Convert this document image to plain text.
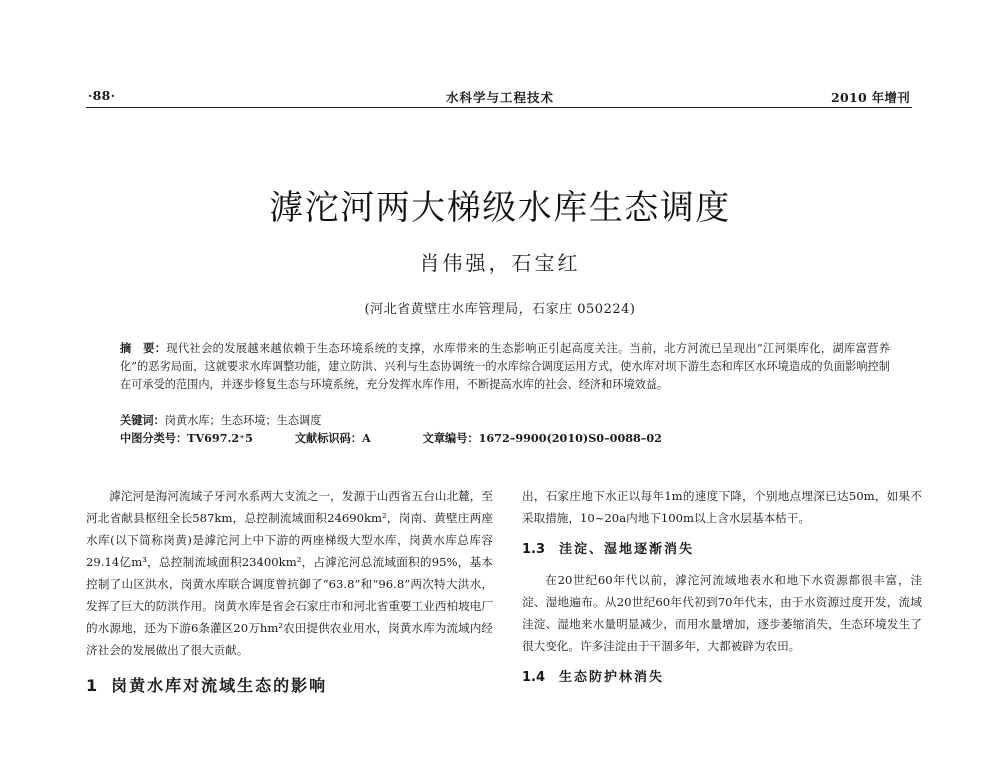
·88·	水科学与工程技术	2010 年增刊
滹沱河两大梯级水库生态调度
肖伟强，石宝红
(河北省黄壁庄水库管理局，石家庄 050224)
摘　要：现代社会的发展越来越依赖于生态环境系统的支撑，水库带来的生态影响正引起高度关注。当前，北方河流已呈现出“江河渠库化，湖库富营养化”的恶劣局面，这就要求水库调整功能，建立防洪、兴利与生态协调统一的水库综合调度运用方式，使水库对坝下游生态和库区水环境造成的负面影响控制在可承受的范围内，并逐步修复生态与环境系统，充分发挥水库作用，不断提高水库的社会、经济和环境效益。
关键词：岗黄水库；生态环境；生态调度
中图分类号：TV697.2⁺5	文献标识码：A	文章编号：1672–9900(2010)S0–0088–02

滹沱河是海河流域子牙河水系两大支流之一，发源于山西省五台山北麓，至河北省献县枢纽全长587km，总控制流域面积24690km²，岗南、黄壁庄两座水库(以下简称岗黄)是滹沱河上中下游的两座梯级大型水库，岗黄水库总库容29.14亿m³，总控制流域面积23400km²，占滹沱河总流域面积的95%，基本控制了山区洪水，岗黄水库联合调度曾抗御了“63.8”和“96.8”两次特大洪水，发挥了巨大的防洪作用。岗黄水库是省会石家庄市和河北省重要工业西柏坡电厂的水源地，还为下游6条灌区20万hm²农田提供农业用水，岗黄水库为流域内经济社会的发展做出了很大贡献。

1 岗黄水库对流域生态的影响

出，石家庄地下水正以每年1m的速度下降，个别地点埋深已达50m，如果不采取措施，10~20a内地下100m以上含水层基本枯干。

1.3 洼淀、湿地逐渐消失

在20世纪60年代以前，滹沱河流域地表水和地下水资源都很丰富，洼淀、湿地遍布。从20世纪60年代初到70年代末，由于水资源过度开发，流域洼淀、湿地来水量明显减少，而用水量增加，逐步萎缩消失，生态环境发生了很大变化。许多洼淀由于干涸多年，大都被辟为农田。

1.4 生态防护林消失
